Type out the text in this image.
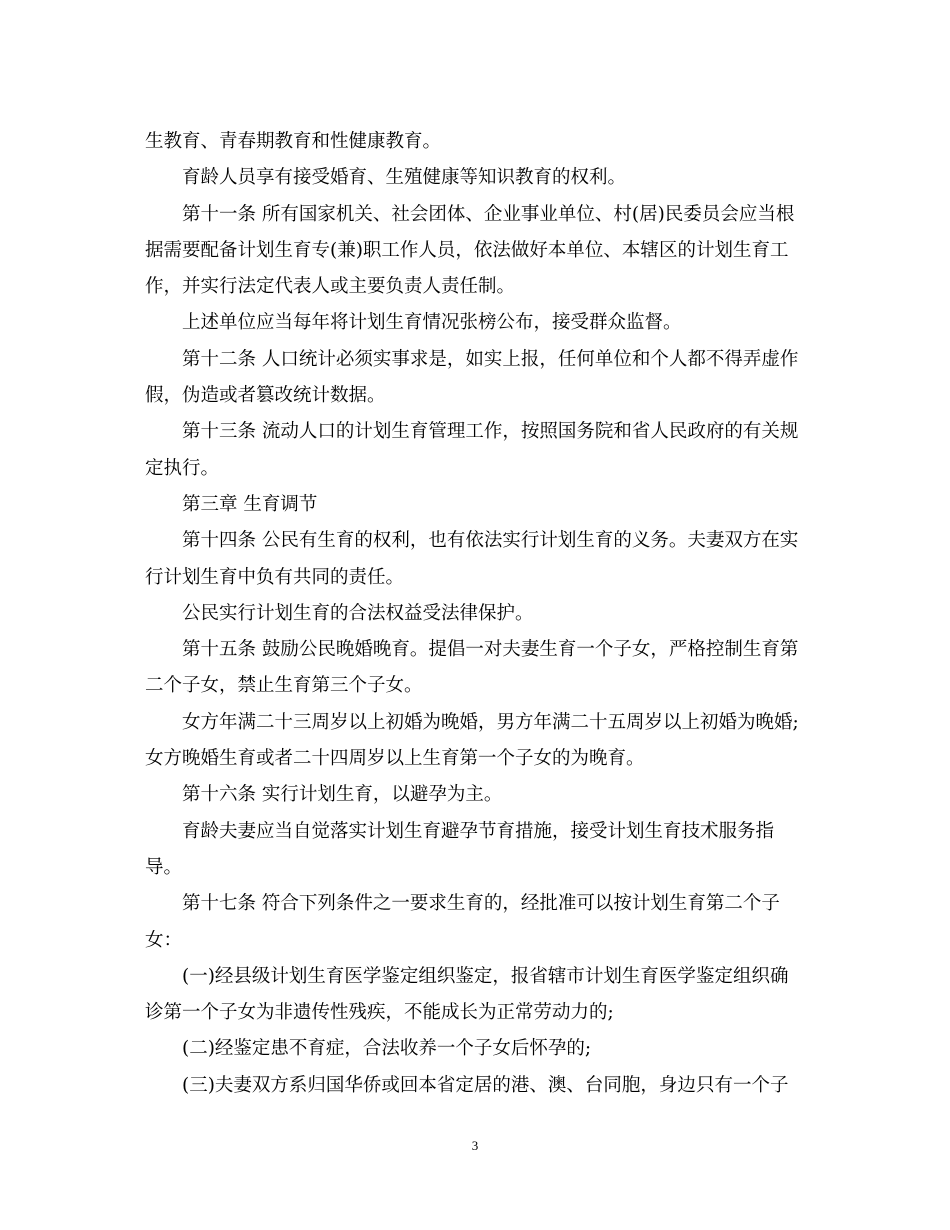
生教育、青春期教育和性健康教育。
育龄人员享有接受婚育、生殖健康等知识教育的权利。
第十一条 所有国家机关、社会团体、企业事业单位、村(居)民委员会应当根
据需要配备计划生育专(兼)职工作人员，依法做好本单位、本辖区的计划生育工
作，并实行法定代表人或主要负责人责任制。
上述单位应当每年将计划生育情况张榜公布，接受群众监督。
第十二条 人口统计必须实事求是，如实上报，任何单位和个人都不得弄虚作
假，伪造或者篡改统计数据。
第十三条 流动人口的计划生育管理工作，按照国务院和省人民政府的有关规
定执行。
第三章 生育调节
第十四条 公民有生育的权利，也有依法实行计划生育的义务。夫妻双方在实
行计划生育中负有共同的责任。
公民实行计划生育的合法权益受法律保护。
第十五条 鼓励公民晚婚晚育。提倡一对夫妻生育一个子女，严格控制生育第
二个子女，禁止生育第三个子女。
女方年满二十三周岁以上初婚为晚婚，男方年满二十五周岁以上初婚为晚婚;
女方晚婚生育或者二十四周岁以上生育第一个子女的为晚育。
第十六条 实行计划生育，以避孕为主。
育龄夫妻应当自觉落实计划生育避孕节育措施，接受计划生育技术服务指
导。
第十七条 符合下列条件之一要求生育的，经批准可以按计划生育第二个子
女：
(一)经县级计划生育医学鉴定组织鉴定，报省辖市计划生育医学鉴定组织确
诊第一个子女为非遗传性残疾，不能成长为正常劳动力的;
(二)经鉴定患不育症，合法收养一个子女后怀孕的;
(三)夫妻双方系归国华侨或回本省定居的港、澳、台同胞，身边只有一个子
3
